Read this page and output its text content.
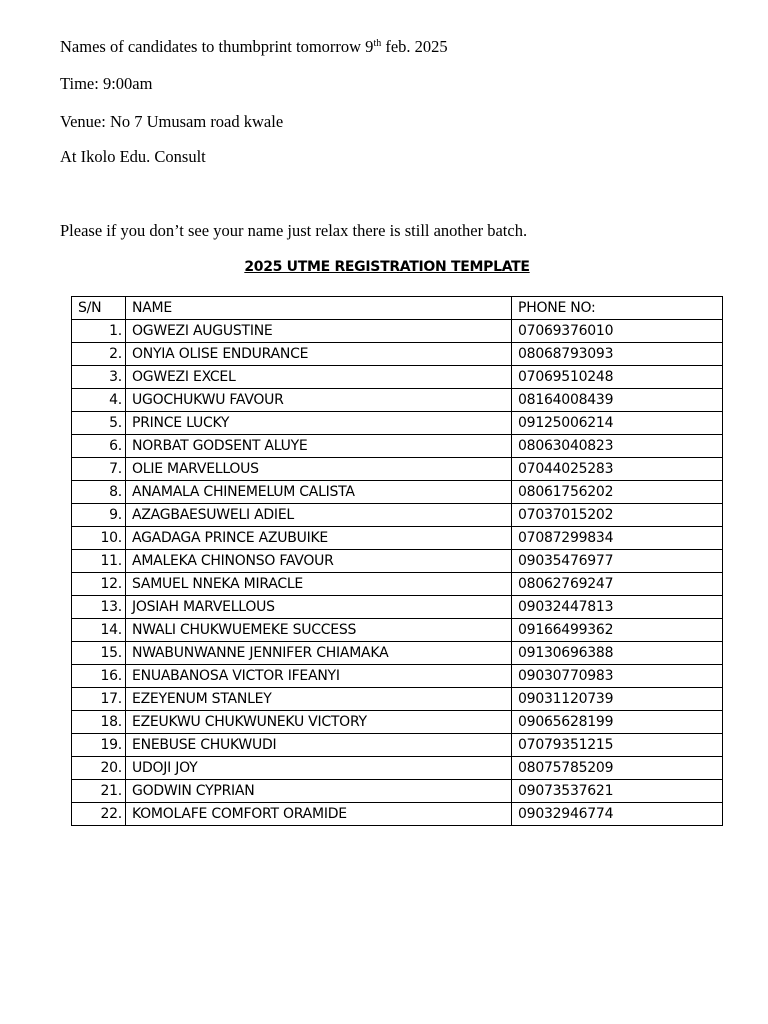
Names of candidates to thumbprint tomorrow 9th feb. 2025
Time: 9:00am
Venue: No 7 Umusam road kwale
At Ikolo Edu. Consult
Please if you don’t see your name just relax there is still another batch.
2025 UTME REGISTRATION TEMPLATE
S/N	NAME	PHONE NO:
1.	OGWEZI AUGUSTINE	07069376010
2.	ONYIA OLISE ENDURANCE	08068793093
3.	OGWEZI EXCEL	07069510248
4.	UGOCHUKWU FAVOUR	08164008439
5.	PRINCE LUCKY	09125006214
6.	NORBAT GODSENT ALUYE	08063040823
7.	OLIE MARVELLOUS	07044025283
8.	ANAMALA CHINEMELUM CALISTA	08061756202
9.	AZAGBAESUWELI ADIEL	07037015202
10.	AGADAGA PRINCE AZUBUIKE	07087299834
11.	AMALEKA CHINONSO FAVOUR	09035476977
12.	SAMUEL NNEKA MIRACLE	08062769247
13.	JOSIAH MARVELLOUS	09032447813
14.	NWALI CHUKWUEMEKE SUCCESS	09166499362
15.	NWABUNWANNE JENNIFER CHIAMAKA	09130696388
16.	ENUABANOSA VICTOR IFEANYI	09030770983
17.	EZEYENUM STANLEY	09031120739
18.	EZEUKWU CHUKWUNEKU VICTORY	09065628199
19.	ENEBUSE CHUKWUDI	07079351215
20.	UDOJI JOY	08075785209
21.	GODWIN CYPRIAN	09073537621
22.	KOMOLAFE COMFORT ORAMIDE	09032946774
